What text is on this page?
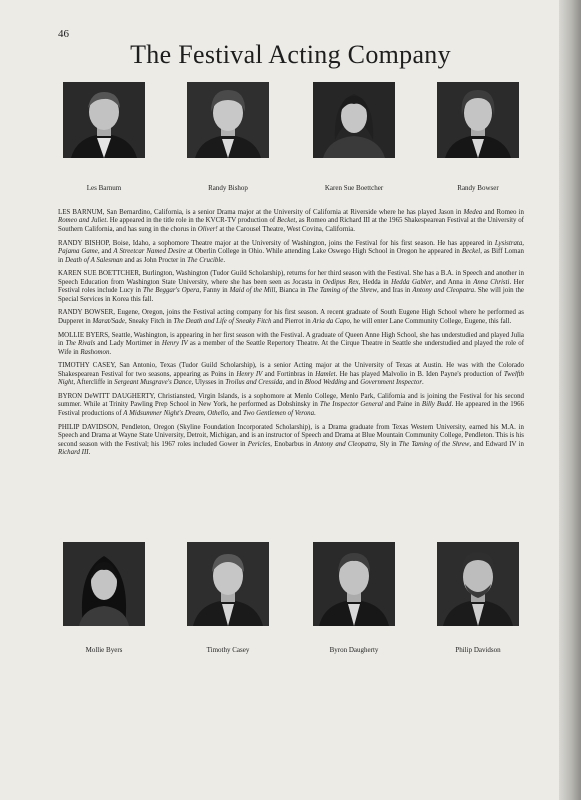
46
The Festival Acting Company
Les Barnum	Randy Bishop	Karen Sue Boettcher	Randy Bowser

LES BARNUM, San Bernardino, California, is a senior Drama major at the University of California at Riverside where he has played Jason in Medea and Romeo in Romeo and Juliet. He appeared in the title role in the KVCR-TV production of Becket, as Romeo and Richard III at the 1965 Shakespearean Festival at the University of Southern California, and has sung in the chorus in Oliver! at the Carousel Theatre, West Covina, California.

RANDY BISHOP, Boise, Idaho, a sophomore Theatre major at the University of Washington, joins the Festival for his first season. He has appeared in Lysistrata, Pajama Game, and A Streetcar Named Desire at Oberlin College in Ohio. While attending Lake Oswego High School in Oregon he appeared in Beckel, as Biff Loman in Death of A Salesman and as John Procter in The Crucible.

KAREN SUE BOETTCHER, Burlington, Washington (Tudor Guild Scholarship), returns for her third season with the Festival. She has a B.A. in Speech and another in Speech Education from Washington State University, where she has been seen as Jocasta in Oedipus Rex, Hedda in Hedda Gabler, and Anna in Anna Christi. Her Festival roles include Lucy in The Beggar's Opera, Fanny in Maid of the Mill, Bianca in The Taming of the Shrew, and Iras in Antony and Cleopatra. She will join the Special Services in Korea this fall.

RANDY BOWSER, Eugene, Oregon, joins the Festival acting company for his first season. A recent graduate of South Eugene High School where he performed as Dupperet in Marat/Sade, Sneaky Fitch in The Death and Life of Sneaky Fitch and Pierrot in Aria da Capo, he will enter Lane Community College, Eugene, this fall.

MOLLIE BYERS, Seattle, Washington, is appearing in her first season with the Festival. A graduate of Queen Anne High School, she has understudied and played Julia in The Rivals and Lady Mortimer in Henry IV as a member of the Seattle Repertory Theatre. At the Cirque Theatre in Seattle she understudied and played the role of Wife in Rashomon.

TIMOTHY CASEY, San Antonio, Texas (Tudor Guild Scholarship), is a senior Acting major at the University of Texas at Austin. He was with the Colorado Shakespearean Festival for two seasons, appearing as Poins in Henry IV and Fortinbras in Hamlet. He has played Malvolio in B. Iden Payne's production of Twelfth Night, Aftercliffe in Sergeant Musgrave's Dance, Ulysses in Troilus and Cressida, and in Blood Wedding and Government Inspector.

BYRON DeWITT DAUGHERTY, Christiansted, Virgin Islands, is a sophomore at Menlo College, Menlo Park, California and is joining the Festival for his second summer. While at Trinity Pawling Prep School in New York, he performed as Dobshinsky in The Inspector General and Paine in Billy Budd. He appeared in the 1966 Festival productions of A Midsummer Night's Dream, Othello, and Two Gentlemen of Verona.

PHILIP DAVIDSON, Pendleton, Oregon (Skyline Foundation Incorporated Scholarship), is a Drama graduate from Texas Western University, earned his M.A. in Speech and Drama at Wayne State University, Detroit, Michigan, and is an instructor of Speech and Drama at Blue Mountain Community College, Pendleton. This is his second season with the Festival; his 1967 roles included Gower in Pericles, Enobarbus in Antony and Cleopatra, Sly in The Taming of the Shrew, and Edward IV in Richard III.

Mollie Byers	Timothy Casey	Byron Daugherty	Philip Davidson
